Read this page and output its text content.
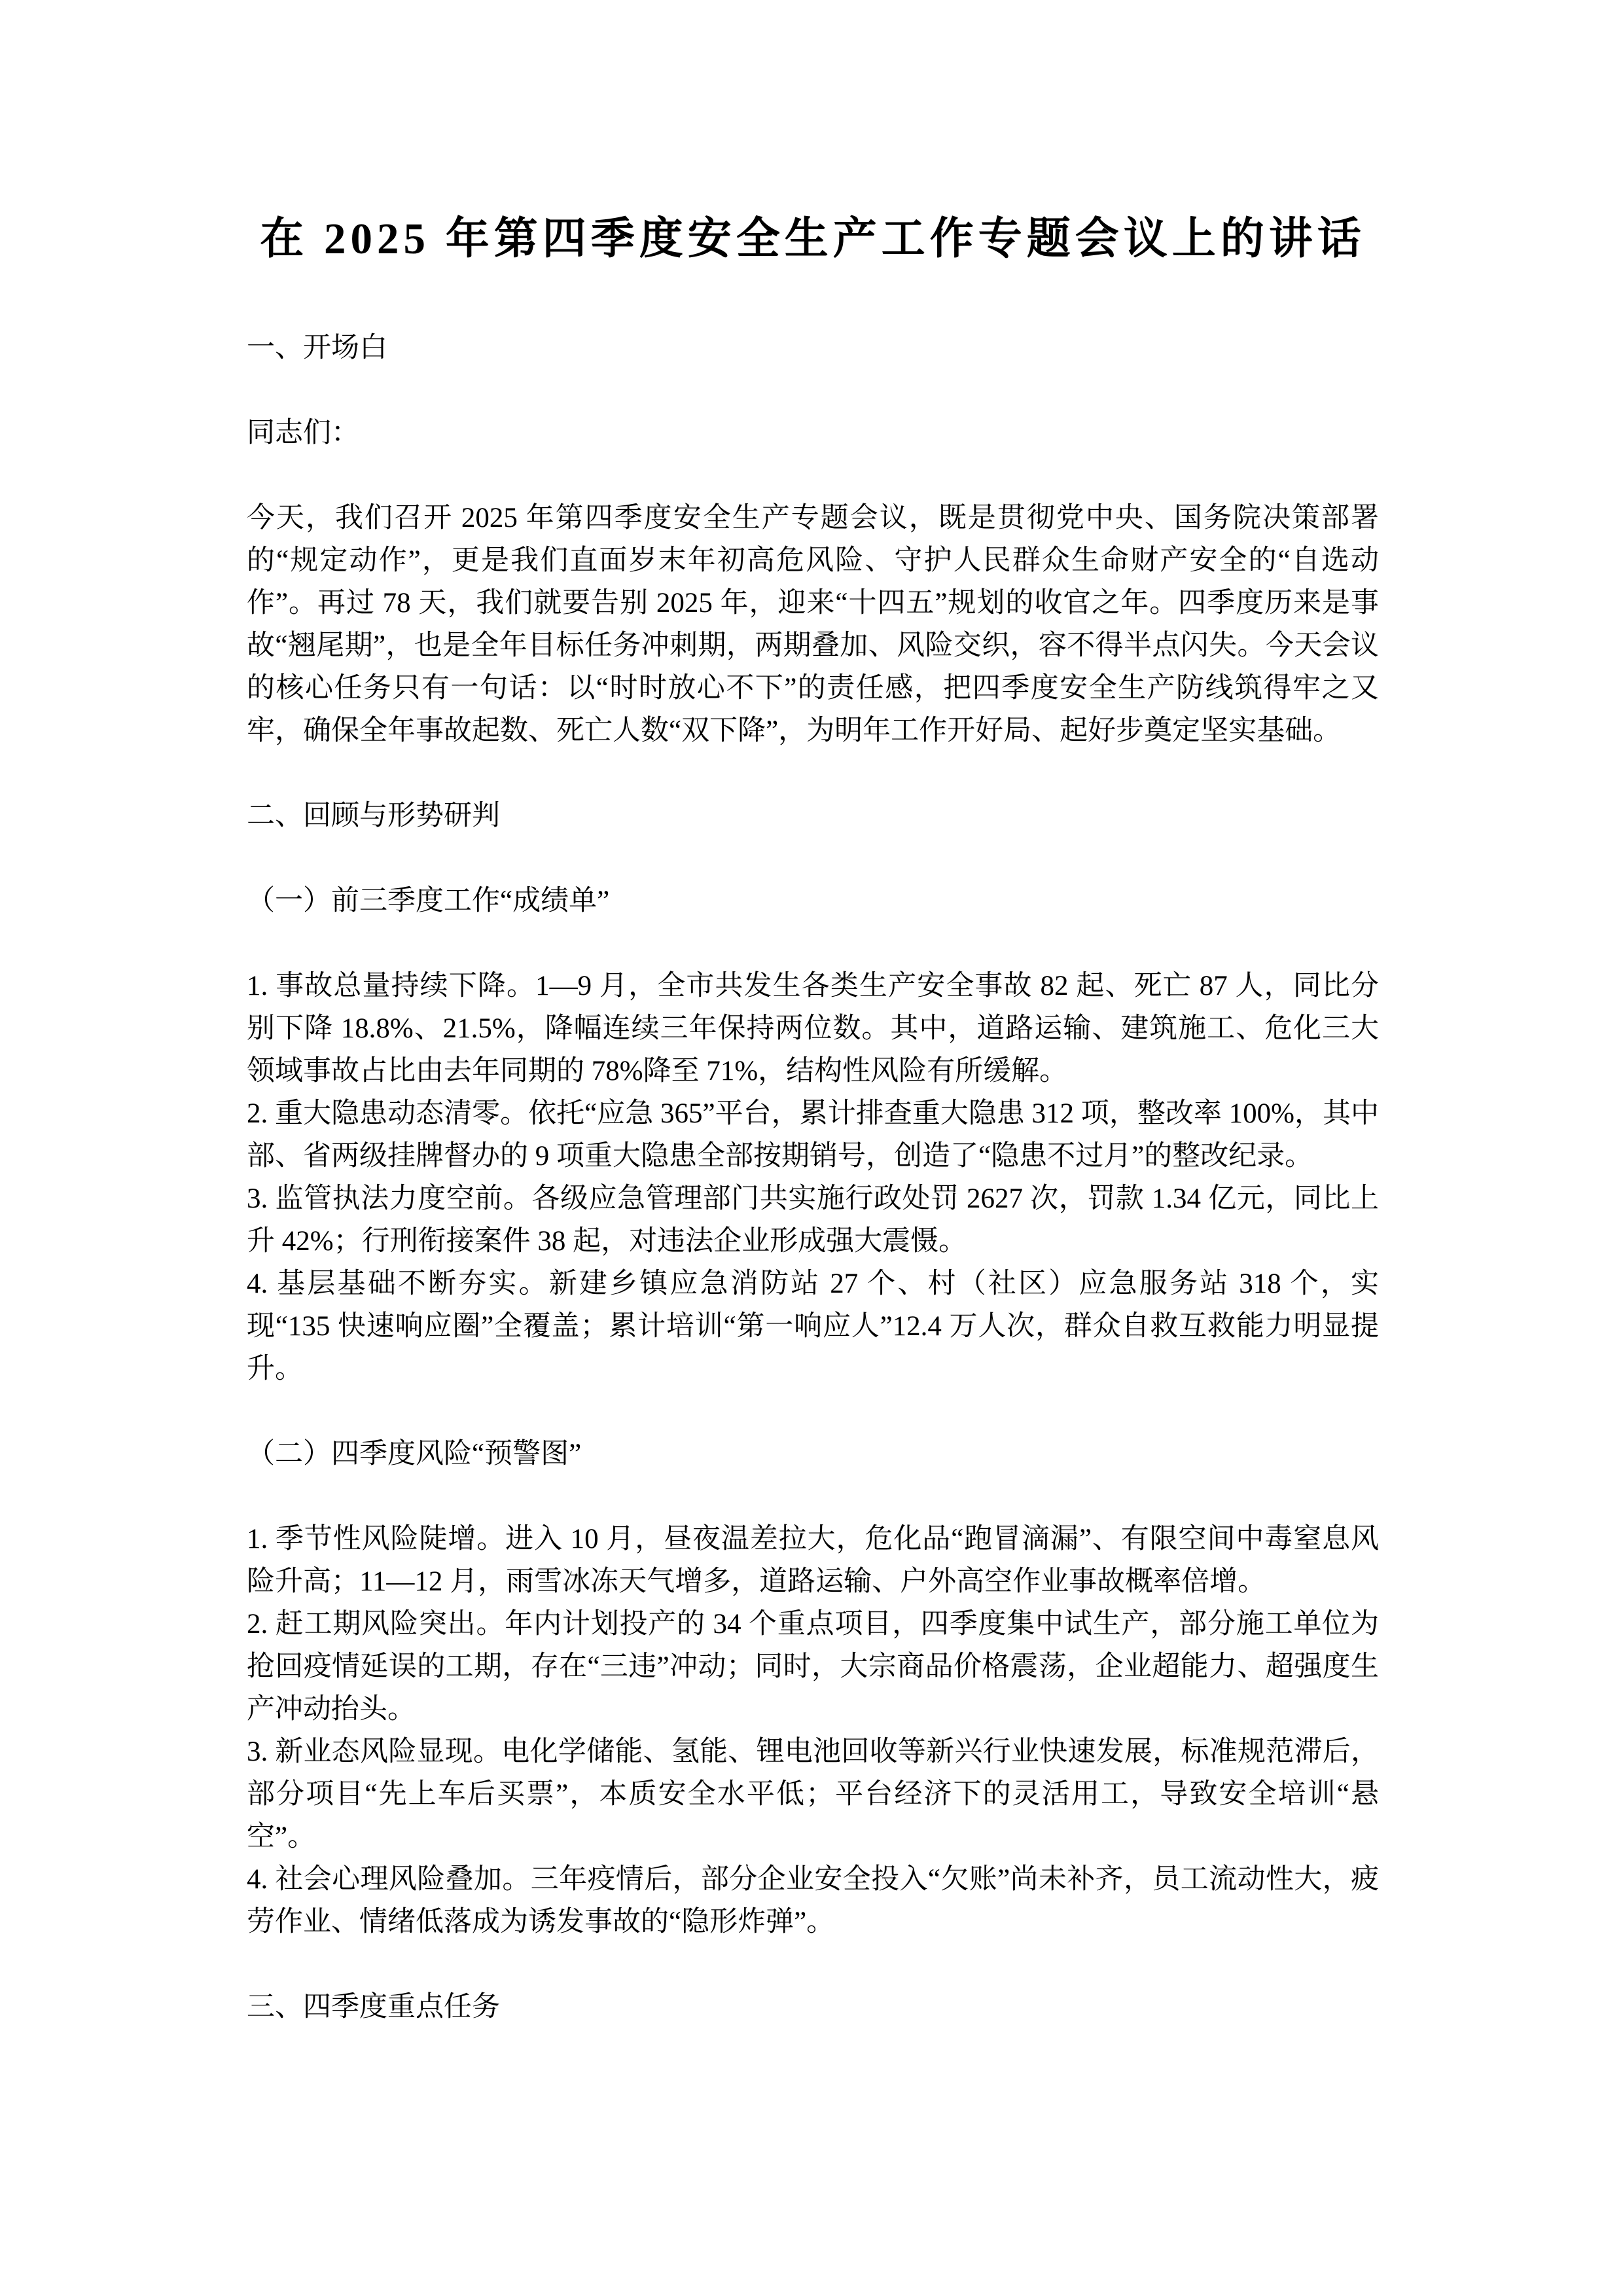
在 2025 年第四季度安全生产工作专题会议上的讲话

一、开场白

同志们：

今天，我们召开 2025 年第四季度安全生产专题会议，既是贯彻党中央、国务院决策部署的“规定动作”，更是我们直面岁末年初高危风险、守护人民群众生命财产安全的“自选动作”。再过 78 天，我们就要告别 2025 年，迎来“十四五”规划的收官之年。四季度历来是事故“翘尾期”，也是全年目标任务冲刺期，两期叠加、风险交织，容不得半点闪失。今天会议的核心任务只有一句话：以“时时放心不下”的责任感，把四季度安全生产防线筑得牢之又牢，确保全年事故起数、死亡人数“双下降”，为明年工作开好局、起好步奠定坚实基础。

二、回顾与形势研判

（一）前三季度工作“成绩单”

1. 事故总量持续下降。1—9 月，全市共发生各类生产安全事故 82 起、死亡 87 人，同比分别下降 18.8%、21.5%，降幅连续三年保持两位数。其中，道路运输、建筑施工、危化三大领域事故占比由去年同期的 78%降至 71%，结构性风险有所缓解。

2. 重大隐患动态清零。依托“应急 365”平台，累计排查重大隐患 312 项，整改率 100%，其中部、省两级挂牌督办的 9 项重大隐患全部按期销号，创造了“隐患不过月”的整改纪录。

3. 监管执法力度空前。各级应急管理部门共实施行政处罚 2627 次，罚款 1.34 亿元，同比上升 42%；行刑衔接案件 38 起，对违法企业形成强大震慑。

4. 基层基础不断夯实。新建乡镇应急消防站 27 个、村（社区）应急服务站 318 个，实现“135 快速响应圈”全覆盖；累计培训“第一响应人”12.4 万人次，群众自救互救能力明显提升。

（二）四季度风险“预警图”

1. 季节性风险陡增。进入 10 月，昼夜温差拉大，危化品“跑冒滴漏”、有限空间中毒窒息风险升高；11—12 月，雨雪冰冻天气增多，道路运输、户外高空作业事故概率倍增。

2. 赶工期风险突出。年内计划投产的 34 个重点项目，四季度集中试生产，部分施工单位为抢回疫情延误的工期，存在“三违”冲动；同时，大宗商品价格震荡，企业超能力、超强度生产冲动抬头。

3. 新业态风险显现。电化学储能、氢能、锂电池回收等新兴行业快速发展，标准规范滞后，部分项目“先上车后买票”，本质安全水平低；平台经济下的灵活用工，导致安全培训“悬空”。

4. 社会心理风险叠加。三年疫情后，部分企业安全投入“欠账”尚未补齐，员工流动性大，疲劳作业、情绪低落成为诱发事故的“隐形炸弹”。

三、四季度重点任务
